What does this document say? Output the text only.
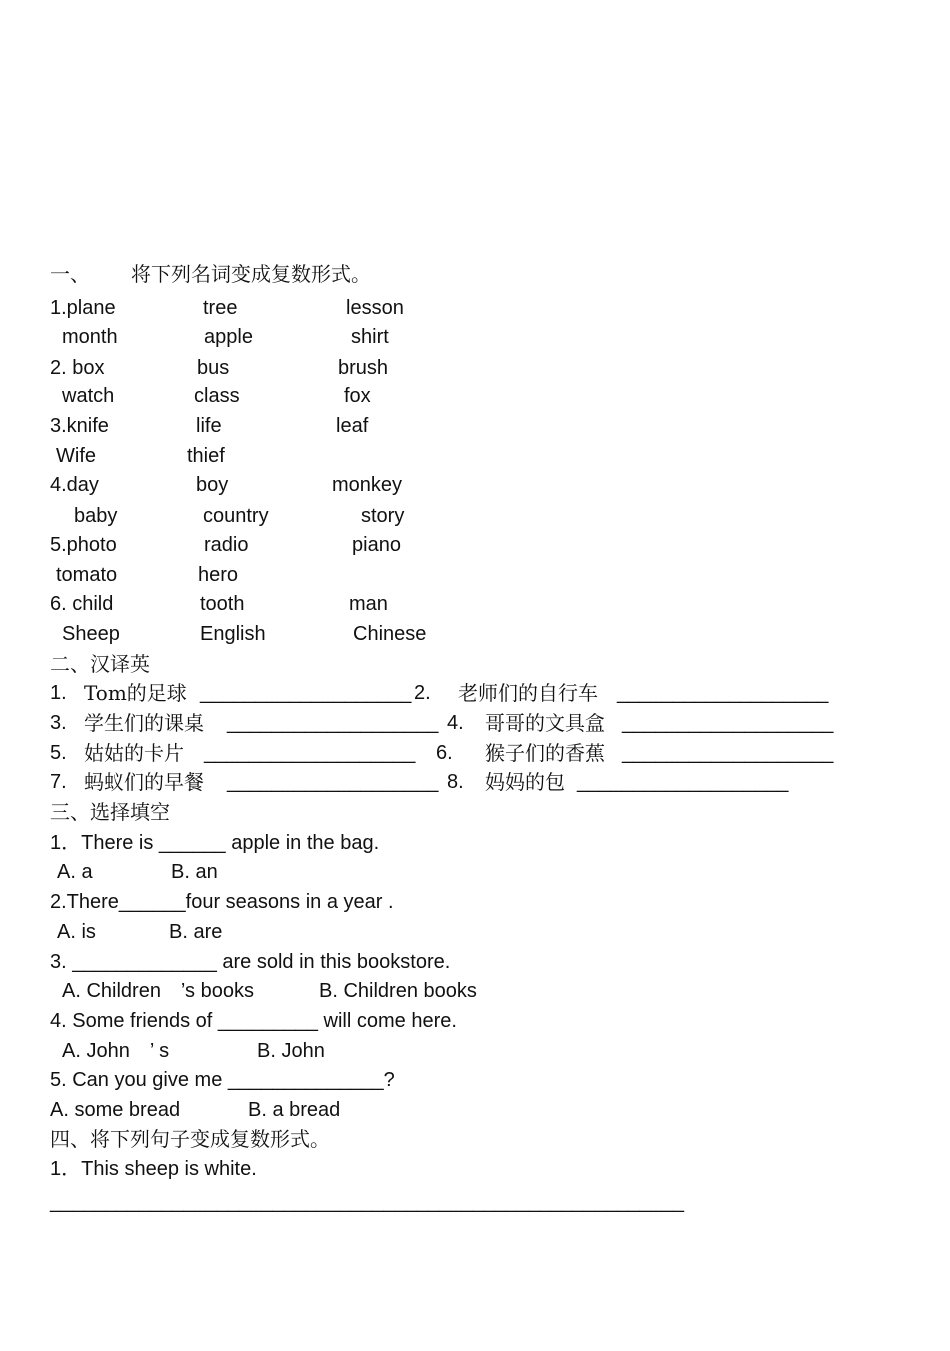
一、 将下列名词变成复数形式。
1.plane	tree	lesson
month	apple	shirt
2. box	bus	brush
watch	class	fox
3.knife	life	leaf
Wife	thief
4.day	boy	monkey
baby	country	story
5.photo	radio	piano
tomato	hero
6. child	tooth	man
Sheep	English	Chinese
二、汉译英
1. Tom的足球 ___________________ 2. 老师们的自行车 ___________________
3. 学生们的课桌 ___________________ 4. 哥哥的文具盒 ___________________
5. 姑姑的卡片 ___________________ 6. 猴子们的香蕉 ___________________
7. 蚂蚁们的早餐 ___________________ 8. 妈妈的包 ___________________
三、选择填空
1．There is ______ apple in the bag.
A. a	B. an
2.There______four seasons in a year .
A. is	B. are
3. _____________ are sold in this bookstore.
A. Children　’s books	B. Children books
4. Some friends of _________ will come here.
A. John　’ s	B. John
5. Can you give me ______________?
A. some bread	B. a bread
四、将下列句子变成复数形式。
1．This sheep is white.
_________________________________________________________
